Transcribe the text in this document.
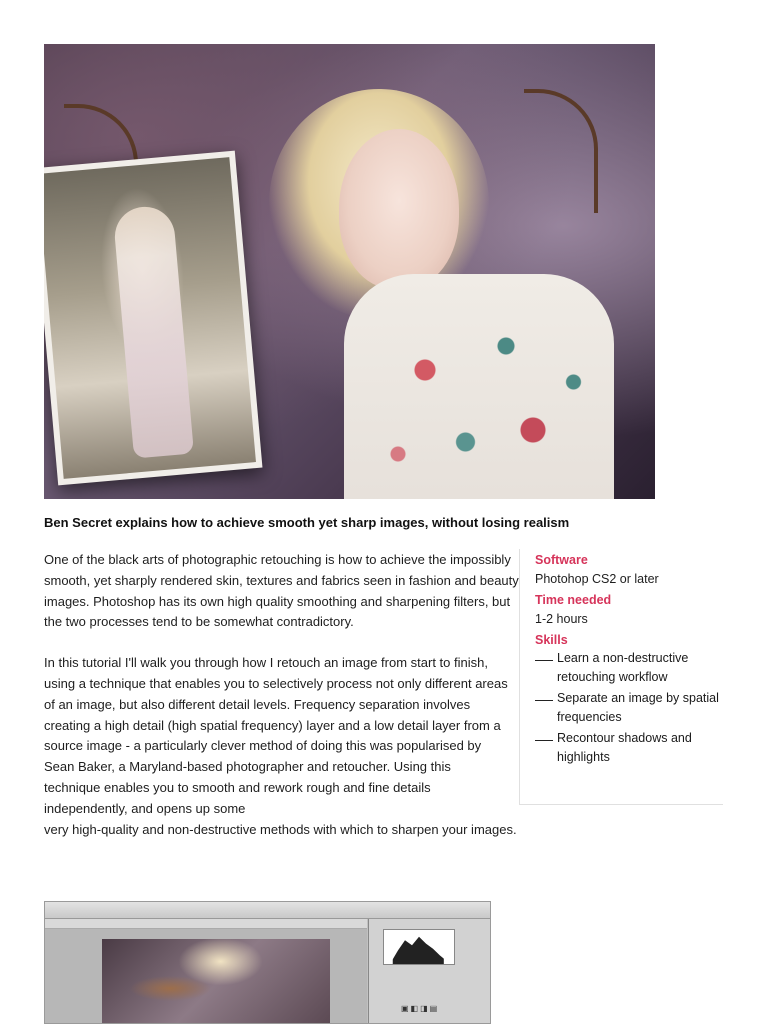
Ben Secret explains how to achieve smooth yet sharp images, without losing realism

One of the black arts of photographic retouching is how to achieve the impossibly smooth, yet sharply rendered skin, textures and fabrics seen in fashion and beauty images. Photoshop has its own high quality smoothing and sharpening filters, but the two processes tend to be somewhat contradictory.

In this tutorial I'll walk you through how I retouch an image from start to finish, using a technique that enables you to selectively process not only different areas of an image, but also different detail levels. Frequency separation involves creating a high detail (high spatial frequency) layer and a low detail layer from a source image - a particularly clever method of doing this was popularised by Sean Baker, a Maryland-based photographer and retoucher. Using this technique enables you to smooth and rework rough and fine details independently, and opens up some
very high-quality and non-destructive methods with which to sharpen your images.

Software
Photohop CS2 or later
Time needed
1-2 hours
Skills
Learn a non-destructive retouching workflow
Separate an image by spatial frequencies
Recontour shadows and highlights
▣◧◨▤
